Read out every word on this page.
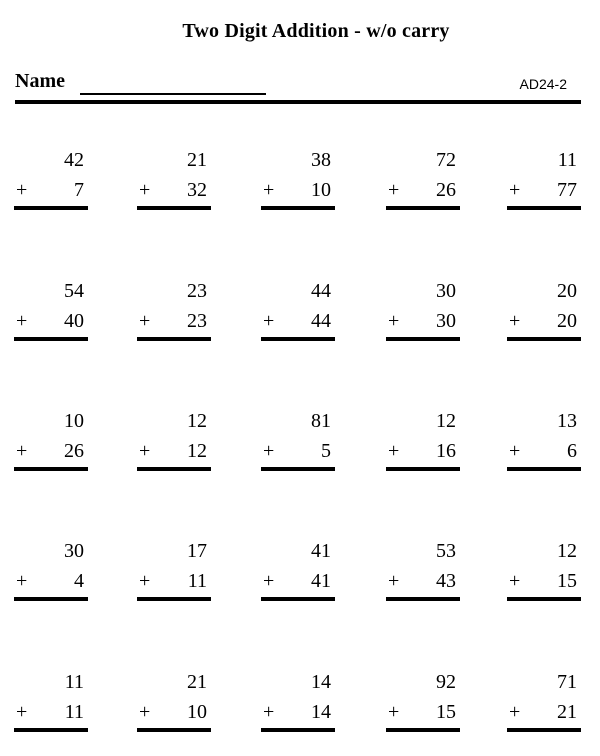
Two Digit Addition - w/o carry
Name	AD24-2
42
+ 7
21
+ 32
38
+ 10
72
+ 26
11
+ 77
54
+ 40
23
+ 23
44
+ 44
30
+ 30
20
+ 20
10
+ 26
12
+ 12
81
+ 5
12
+ 16
13
+ 6
30
+ 4
17
+ 11
41
+ 41
53
+ 43
12
+ 15
11
+ 11
21
+ 10
14
+ 14
92
+ 15
71
+ 21
